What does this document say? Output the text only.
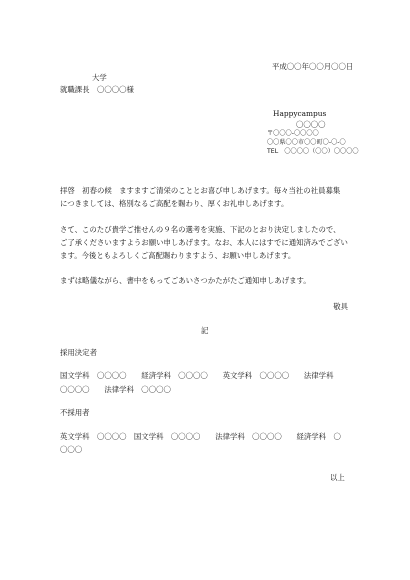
平成〇〇年〇〇月〇〇日
大学
就職課長　〇〇〇〇様
Happycampus
〇〇〇〇
〒〇〇〇-〇〇〇〇
〇〇県〇〇市〇〇町〇-〇-〇
TEL　〇〇〇〇（〇〇）〇〇〇〇
拝啓　初春の候　ますますご清栄のこととお喜び申しあげます。毎々当社の社員募集
につきましては、格別なるご高配を賜わり、厚くお礼申しあげます。
さて、このたび貴学ご推せんの９名の選考を実施、下記のとおり決定しましたので、
ご了承くださいますようお願い申しあげます。なお、本人にはすでに通知済みでござい
ます。今後ともよろしくご高配賜わりますよう、お願い申しあげます。
まずは略儀ながら、書中をもってごあいさつかたがたご通知申しあげます。
敬具
記
採用決定者
国文学科　〇〇〇〇　　経済学科　〇〇〇〇　　英文学科　〇〇〇〇　　法律学科
〇〇〇〇　　法律学科　〇〇〇〇
不採用者
英文学科　〇〇〇〇　国文学科　〇〇〇〇　　法律学科　〇〇〇〇　　経済学科　〇
〇〇〇
以上
